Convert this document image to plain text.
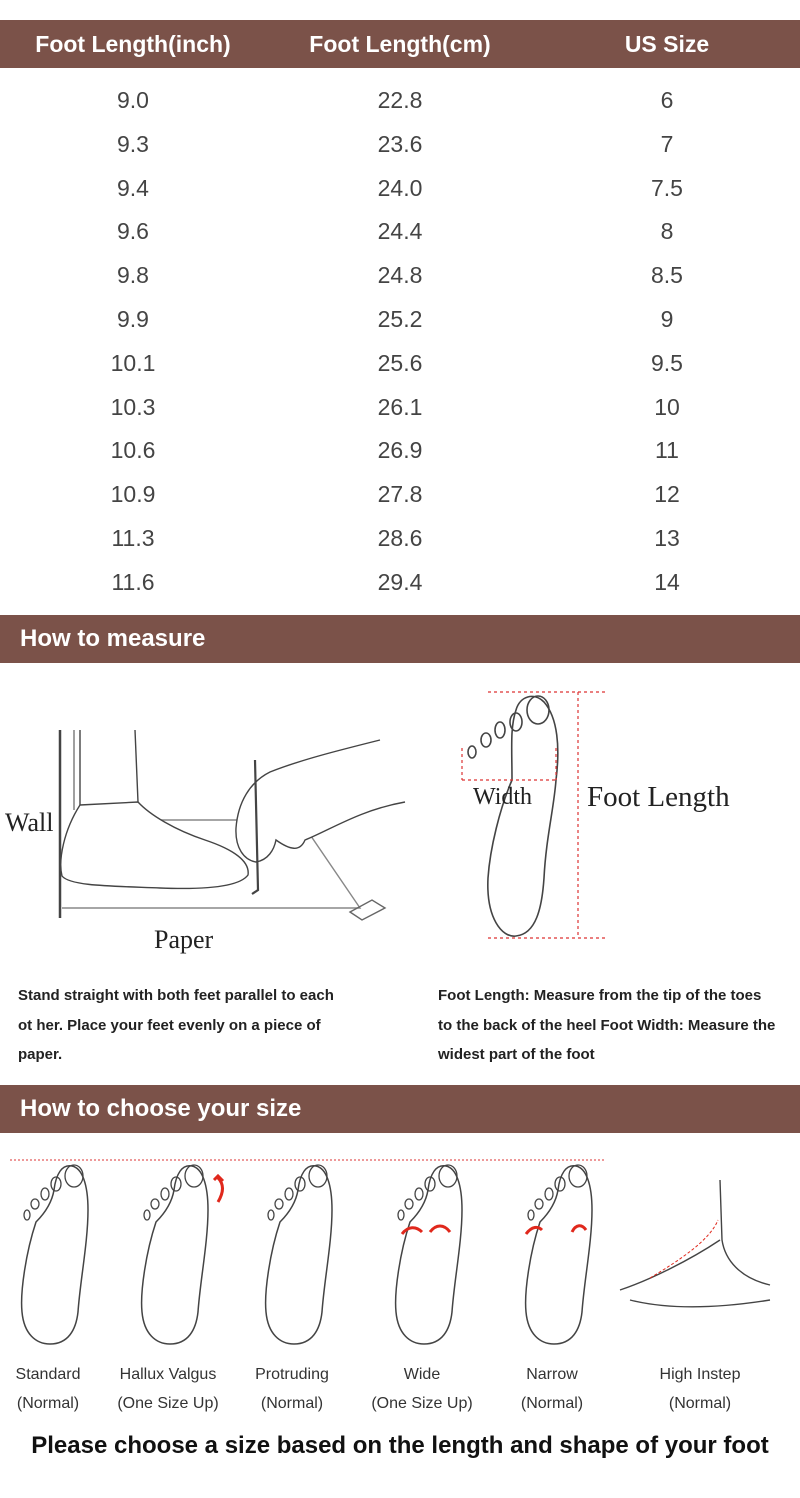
Foot Length(inch)	Foot Length(cm)	US Size
9.0	22.8	6
9.3	23.6	7
9.4	24.0	7.5
9.6	24.4	8
9.8	24.8	8.5
9.9	25.2	9
10.1	25.6	9.5
10.3	26.1	10
10.6	26.9	11
10.9	27.8	12
11.3	28.6	13
11.6	29.4	14
How to measure
Wall
Paper
Width Foot Length
Stand straight with both feet parallel to each ot her. Place your feet evenly on a piece of paper.
Foot Length: Measure from the tip of the toes to the back of the heel Foot Width: Measure the widest part of the foot
How to choose your size
Standard
(Normal)
Hallux Valgus
(One Size Up)
Protruding
(Normal)
Wide
(One Size Up)
Narrow
(Normal)
High Instep
(Normal)
Please choose a size based on the length and shape of your foot
